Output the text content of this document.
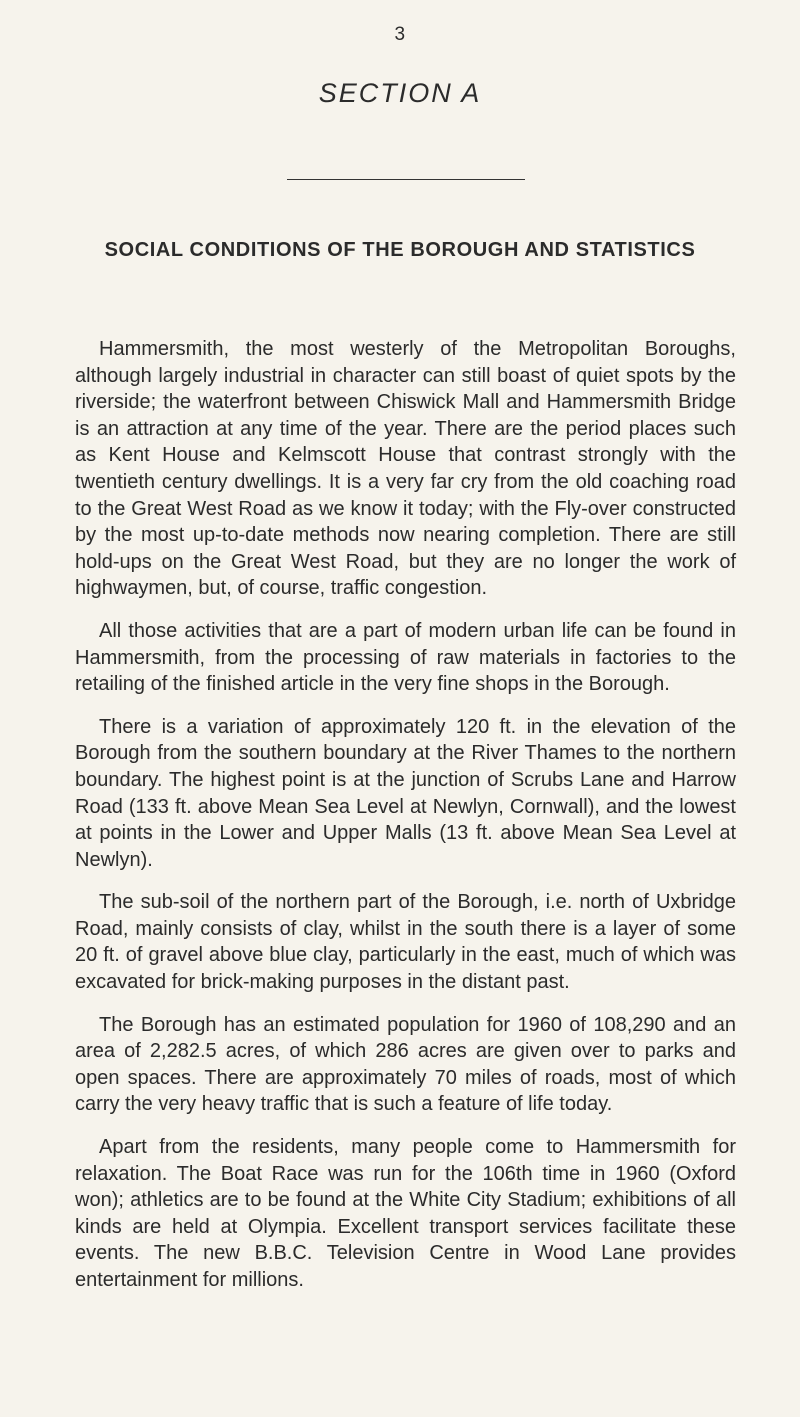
3
SECTION A
SOCIAL CONDITIONS OF THE BOROUGH AND STATISTICS

Hammersmith, the most westerly of the Metropolitan Boroughs, although largely industrial in character can still boast of quiet spots by the riverside; the waterfront between Chiswick Mall and Hammersmith Bridge is an attraction at any time of the year. There are the period places such as Kent House and Kelmscott House that contrast strongly with the twentieth century dwellings. It is a very far cry from the old coaching road to the Great West Road as we know it today; with the Fly-over constructed by the most up-to-date methods now nearing completion. There are still hold-ups on the Great West Road, but they are no longer the work of highwaymen, but, of course, traffic congestion.

All those activities that are a part of modern urban life can be found in Hammersmith, from the processing of raw materials in factories to the retailing of the finished article in the very fine shops in the Borough.

There is a variation of approximately 120 ft. in the elevation of the Borough from the southern boundary at the River Thames to the northern boundary. The highest point is at the junction of Scrubs Lane and Harrow Road (133 ft. above Mean Sea Level at Newlyn, Cornwall), and the lowest at points in the Lower and Upper Malls (13 ft. above Mean Sea Level at Newlyn).

The sub-soil of the northern part of the Borough, i.e. north of Uxbridge Road, mainly consists of clay, whilst in the south there is a layer of some 20 ft. of gravel above blue clay, particularly in the east, much of which was excavated for brick-making purposes in the distant past.

The Borough has an estimated population for 1960 of 108,290 and an area of 2,282.5 acres, of which 286 acres are given over to parks and open spaces. There are approximately 70 miles of roads, most of which carry the very heavy traffic that is such a feature of life today.

Apart from the residents, many people come to Hammersmith for relaxation. The Boat Race was run for the 106th time in 1960 (Oxford won); athletics are to be found at the White City Stadium; exhibitions of all kinds are held at Olympia. Excellent transport services facilitate these events. The new B.B.C. Television Centre in Wood Lane provides entertainment for millions.
